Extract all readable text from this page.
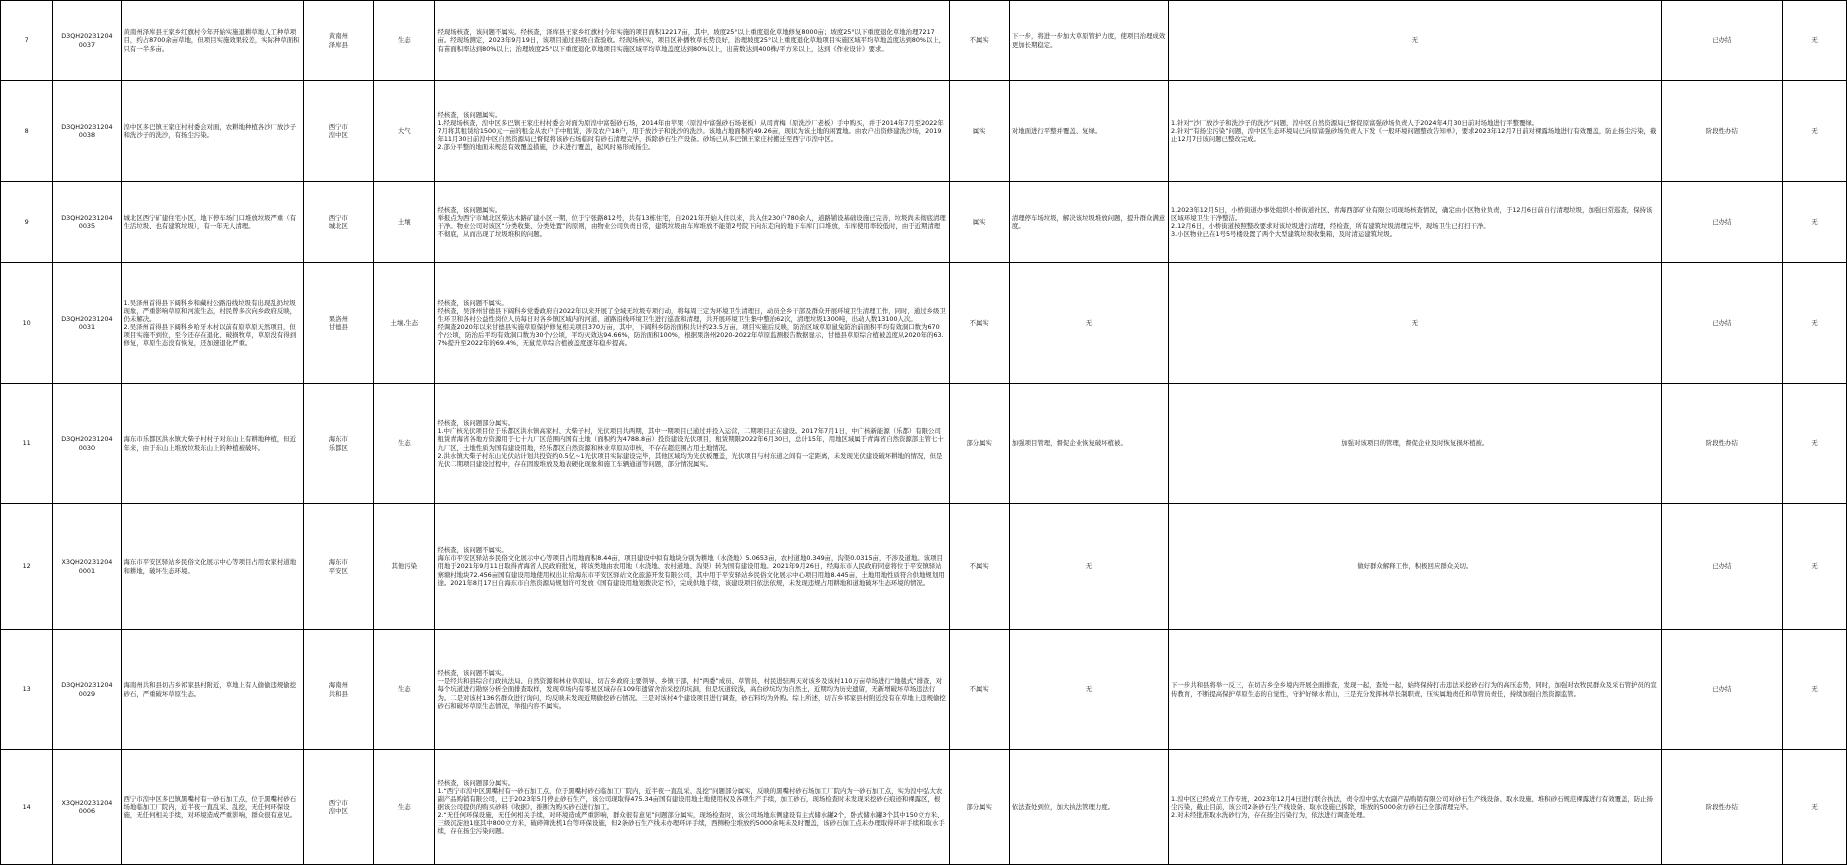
7	D3QH20231204
0037	黄南州泽库县王家乡红旗村今年开始实施退耕草地人工种草项目，约占8700余亩草地，但项目实施效果较差，实际种草面积只有一半多亩。	黄南州
泽库县	生态	经现场核查，该问题不属实。经核查，泽库县王家乡红旗村今年实施的项目面积12217亩，其中，坡度25°以上重度退化草地修复8000亩；坡度25°以下重度退化草地治理7217亩。经现场测定，2023年9月19日，该项目通过县级自查验收。经现场核实，项目区补播牧草长势良好，治理坡度25°以上重度退化草地项目实施区域平均草地盖度达到80%以上，有苗面积率达到80%以上；治理坡度25°以下重度退化草地项目实施区域平均草地盖度达到80%以上，出苗数达到400株/平方米以上，达到《作业设计》要求。	不属实	下一步，将进一步加大草原管护力度，使项目治理成效更加长期稳定。	无	已办结	无

8	D3QH20231204
0038	湟中区多巴镇王家庄村村委会对面，农耕地种植各沙厂放沙子和洗沙子的洗沙，有扬尘污染。	西宁市
湟中区	大气	经核查，该问题属实。
1.经现场核查，湟中区多巴镇王家庄村村委会对面为原湟中富强砂石场，2014年由苹果（原湟中富强砂石场老板）从司青梅（原洗沙厂老板）手中购买，并于2014年7月至2022年7月将其租赁给1500元一亩的租金从农户手中租赁，涉及农户18户，用于放沙子和洗沙的洗沙。该地占地面积约49.26亩，现状为该土地的闲置地。由农户出资修建洗沙场，2019年11月30日前湟中区自然资源局已督促将该砂石场临时有砂石清理完毕，拆除砂石生产设备。砂场已从多巴镇王家庄村搬迁至西宁市湟中区。
2.部分平整的地面未规范有效覆盖措施，沙未进行覆盖，起风时易形成扬尘。	属实	对地面进行平整并覆盖、复绿。	1.针对“沙厂放沙子和洗沙子的洗沙”问题，湟中区自然资源局已督促原富强砂场负责人于2024年4月30日前对场地进行平整覆绿。
2.针对“有扬尘污染”问题，湟中区生态环境局已向原富强砂场负责人下发《一般环境问题整改告知单》，要求2023年12月7日前对裸露场地进行有效覆盖，防止扬尘污染，截止12月7日该问题已整改完成。	阶段性办结	无

9	D3QH20231204
0035	城北区西宁矿建住宅小区，地下停车场门口堆放垃圾严重（有生活垃圾、也有建筑垃圾），有一年无人清理。	西宁市
城北区	土壤	经核查，该问题属实。
举报点为西宁市城北区柴达木路矿建小区一期，位于宁张路812号，共有13栋住宅，自2021年开始入住以来，共入住230户780余人，道路铺设基础设施已完善，垃圾尚未彻底清理干净。物业公司对该区“分类收集、分类处置”的原则，由物业公司负责日常，建筑垃圾由车库堆放不能第2号院下向东走向的地下车库门口堆放，车库使用率较低时，由于近期清理不彻底，从而出现了垃圾堆积的问题。	属实	清理停车场垃圾，解决该垃圾堆放问题，提升群众满意度。	1.2023年12月5日，小桥街道办事处组织小桥街道社区、青海西部矿业有限公司现场核查情况，确定由小区物业负责，于12月6日前自行清理垃圾，加强日常巡查，保持该区域环境卫生干净整洁。
2.12月6日，小桥街道按照整改要求对该垃圾进行清理，经检查，所有建筑垃圾清理完毕，现场卫生已打扫干净。
3.小区物业已在1号5号楼设置了两个大型建筑垃圾收集箱，及时清运建筑垃圾。	已办结	无

10	D3QH20231204
0031	1.吴泽州首得县下阔科乡和藏村公路沿线垃圾有出现乱扔垃圾现象，严重影响草原和河流生态，村民曾多次向乡政府反映，仍未解决。
2.吴泽州首得县下阔科乡哈牙木村以前有原草原天然项目，但项目实施不到位，至今还存在退化、破损牧草，草原没有得到修复，草原生态没有恢复，还加速退化严重。	果洛州
甘德县	土壤,生态	经核查，该问题不属实。
经核查，吴泽州甘德县下阔科乡党委政府自2022年以来开展了全域无垃圾专项行动，将每周三定为环境卫生清理日，动员全乡干部及群众开展环境卫生清理工作，同时，通过乡级卫生环卫和各村公益性岗位人员每日对各乡镇区域内的河道、道路沿线环境卫生进行巡查和清理，共开展环境卫生集中整治62次，清理垃圾1300吨，出动人数13100人次。
经调查2020年以来甘德县实施草原保护修复相关项目370万亩，其中，下阔科乡防治面积共计约23.5万亩，项目实施后反映，防治区域草原鼠兔防治前面积平均有效洞口数为670个/公顷，防治后平均有效洞口数为30个/公顷，平均灭效达94.66%，防治面积100%，根据果洛州2020-2022年草原监测报告数据显示，甘德县草原综合植被盖度从2020年的63.7%提升至2022年的69.4%，无鼠荒草综合植被盖度逐年稳步提高。	不属实	无	无	已办结	无

11	D3QH20231204
0030	海东市乐都区洪水镇大柴子村村子对东山上有耕地种植，但近年来，由于东山上堆放垃圾东山上的种植被破坏。	海东市
乐都区	生态	经核查，该问题部分属实。
1.中广核光伏项目位于乐都区洪水镇高家村、大柴子村，光伏项目共两期，其中一期项目已通过并投入运营，二期项目正在建设。2017年7月1日，中广核新能源（乐都）有限公司租赁青海省各地方资源用于七十九厂区范围内国有土地（面积约为4788.8亩）投资建设光伏项目，租赁期限2022年6月30日，总计15年，用地区域属于青海省自然资源部主管七十九厂区，土地性质为国有建设用地，经乐都区自然资源和林业草原局审核，不存在超范围占用土地情况。
2.洪水镇大柴子村东山光伏站计划共投资约0.5亿~1光伏项目实际建设完毕，其他区域均为光伏板覆盖，光伏项目与村东道之间有一定距离，未发现光伏建设破坏耕地的情况，但是光伏二期项目建设过程中，存在固废堆放及地表硬化现象和施工车辆通道等问题，部分情况属实。	部分属实	加强项目管理，督促企业恢复破坏植被。	加强对该项目的管理，督促企业及时恢复损坏植被。	阶段性办结	无

12	X3QH20231204
0001	海东市平安区驿站乡民俗文化展示中心等项目占用农家村道地和耕地，破坏生态环境。	海东市
平安区	其他污染	经核查，该问题不属实。
海东市平安区驿站乡民俗文化展示中心等项目占用地面积8.44亩，项目建设中拟有地块分别为耕地（水浇地）5.0653亩，农村道地0.349亩，沟渠0.0315亩，不涉及道地。该项目用地于2021年9月11日取得青海省人民政府批复，将该类地由农用地（水浇地、农村道地、沟渠）转为国有建设用地。2021年9月26日，经海东市人民政府同意将位于平安镇驿站寨塘村地块72.456亩国有建设用地使用权出让给海东市平安区驿站文化旅游开发有限公司，其中用于平安驿站乡民俗文化展示中心项目用地8.445亩，土地用地性质符合供地规划用途。2021年8月17日自海东市自然资源局规划许可发放《国有建设用地划拨决定书》，完成供地手续，该建设项目依法依规，未发现违规占用耕地和道地破坏生态环境的情况。	不属实	无	做好群众解释工作，积极回应群众关切。	已办结	无

13	D3QH20231204
0029	海南州共和县切吉乡祁家县村附近，草地上有人偷偷违规偷挖砂石，严重破坏草原生态。	海南州
共和县	生态	经核查，该问题不属实。
一是经共和县综合行政执法局、自然资源和林业草原局、切吉乡政府主要领导、乡镇干部，村“两委”成员、草管员、村民进驻两天对该乡及该村110万亩草场进行“地毯式”排查，对每个坑道进行勘察分析全面排查取样，发现草场内有零星区域存在109年遗留舍治采挖的坑洞，但是坑道较浅，高台砂坑均为自然土，近期均为历史遗留，无新增破坏草场违法行为。二是对该村136名群众进行询问，均反映未发现近期偷挖砂石情况。三是对该村4个建设项目进行调查，砂石料均为外购。综上所述，切吉乡祁家县村附近没有在草地上违规偷挖砂石和破坏草原生态情况，举报内容不属实。	不属实	无	下一步共和县将举一反三，在切吉乡全乡境内开展全面排查，发现一起，查处一起，始终保持打击违法采挖砂石行为的高压态势，同时，加强对农牧民群众及采石管护员的宣传教育，不断提高保护草原生态的自觉性，守护好绿水青山，三是充分发挥林草长制职责，压实属地责任和草管员责任，持续加强自然资源监管。	已办结	无

14	X3QH20231204
0006	西宁市湟中区多巴镇黑嘴村有一砂石加工点，位于黑嘴村砂石场地临加工厂院内，近半夜一直乱采、乱挖，无任何环保设施，无任何相关手续，对环境造成严重影响，群众很有意见。	西宁市
湟中区	生态	经核查，该问题部分属实。
1.“西宁市湟中区黑嘴村有一砂石加工点，位于黑嘴村砂石临加工厂院内，近半夜一直乱采、乱挖”问题部分属实，反映的黑嘴村砂石场加工厂院内为一砂石加工点，实为湟中弘大农副产品购销有限公司，已于2023年5月停止砂石生产，该公司现取得475.34亩国有建设用地土地使用权及各项生产手续，加工砂石，现场检查时未发现采挖砂石痕迹和裸露区，根据该公司提供的购买砂料《收据》，推断为购买砂石进行加工。
2.“无任何环保设施，无任何相关手续，对环境造成严重影响，群众很有意见”问题部分属实，现场检查时，该公司场地东侧建设有主式储水罐2个，卧式储水罐3个其中150立方米、三级沉淀池1座其中800立方米，破碎筛洗机1台等环保设施，但2条砂石生产线未办理环评手续，西侧粉尘堆放约5000余吨未及时覆盖，该砂石加工点未办理取得环评手续和取水手续，存在扬尘污染问题。	部分属实	依法查处到位，加大执法管理力度。	1.湟中区已经成立工作专班，2023年12月4日进行联合执法，责令湟中弘大农副产品购销有限公司对砂石生产线设备、取水设施、堆积砂石规范裸露进行有效覆盖，防止扬尘污染，截止目前，该公司2条砂石生产线设备、取水设施已拆除，堆放的5000余方砂石已全部清理完毕。
2.对未经批准取水洗砂行为，存在扬尘污染行为，依法进行调查处理。	阶段性办结	无
